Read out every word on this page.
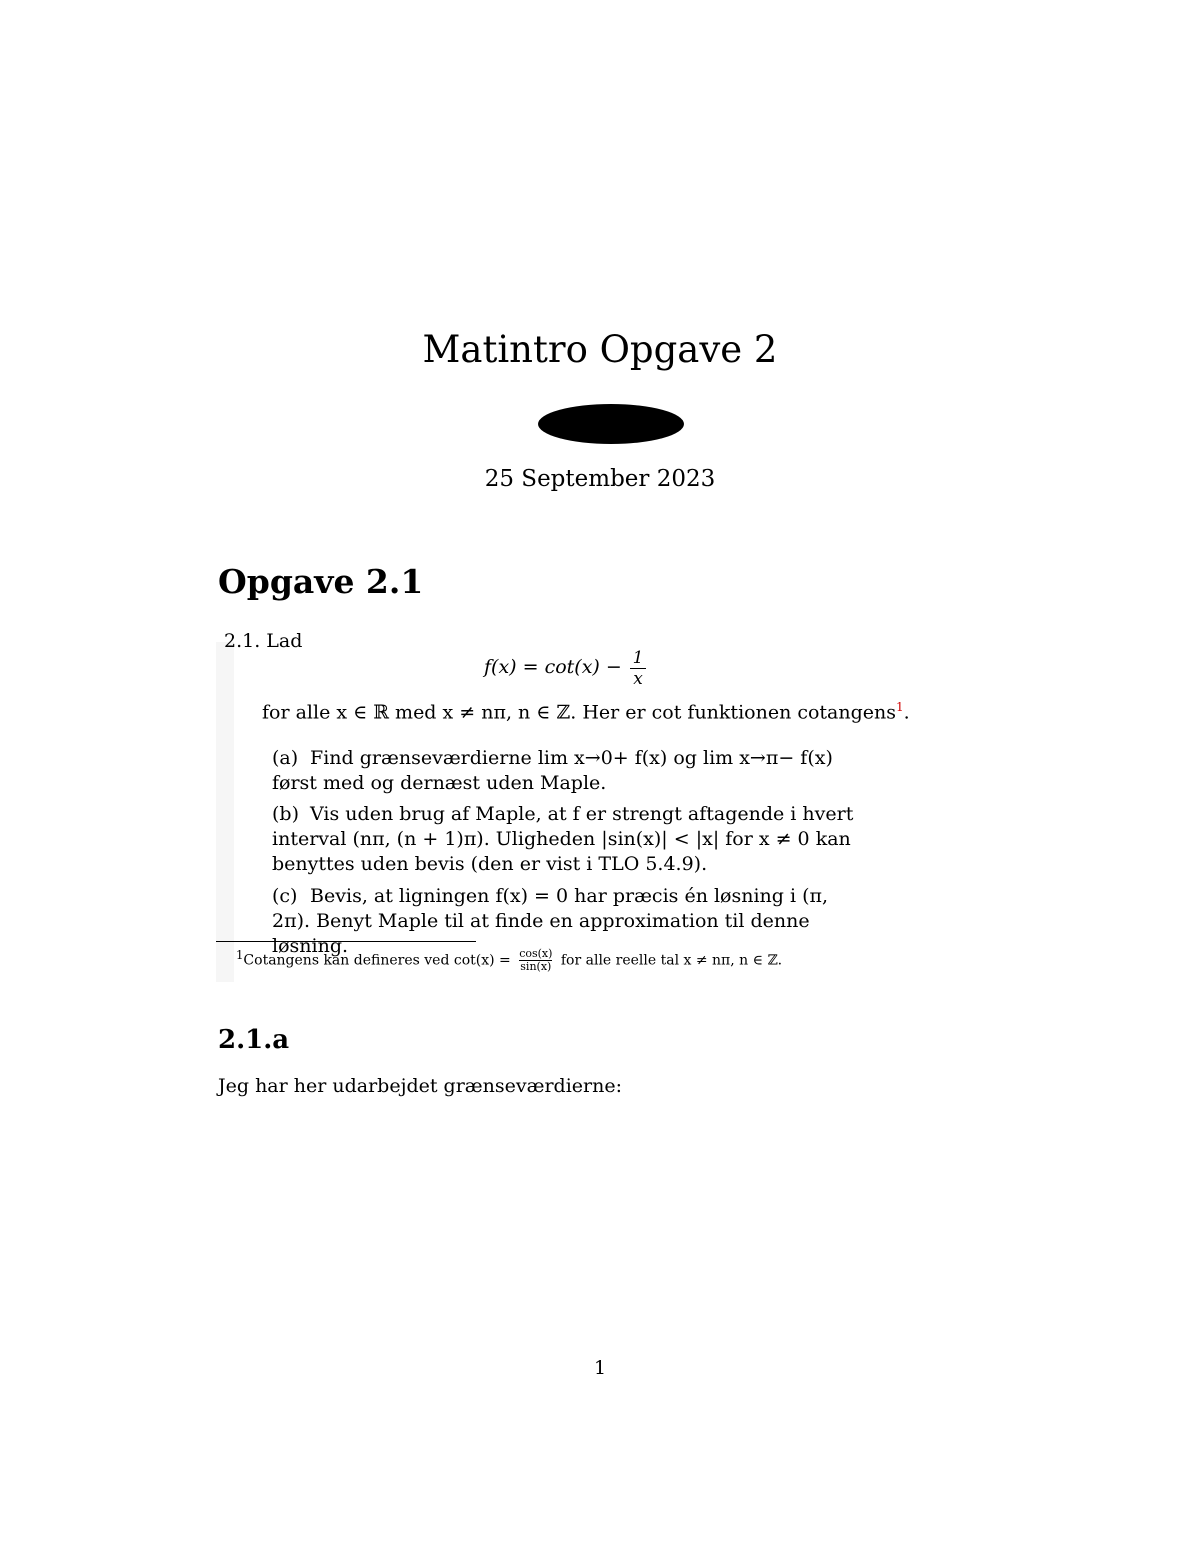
Matintro Opgave 2
25 September 2023
Opgave 2.1
2.1. Lad
$f(x) = \cot(x) - \frac{1}{x}$
for alle x ∈ ℝ med x ≠ nπ, n ∈ ℤ. Her er cot funktionen cotangens$^1$.
$^1$Cotangens kan defineres ved $\cot(x) = \frac{\cos(x)}{\sin(x)}$ for alle reelle tal x ≠ nπ, n ∈ ℤ.
(a) Find grænseværdierne lim x→0+ f(x) og lim x→π− f(x) først med og dernæst uden Maple.
(b) Vis uden brug af Maple, at f er strengt aftagende i hvert interval (nπ, (n + 1)π). Uligheden |sin(x)| < |x| for x ≠ 0 kan benyttes uden bevis (den er vist i TLO 5.4.9).
(c) Bevis, at ligningen f(x) = 0 har præcis én løsning i (π, 2π). Benyt Maple til at finde en approximation til denne løsning.
2.1.a
Jeg har her udarbejdet grænseværdierne:
1
